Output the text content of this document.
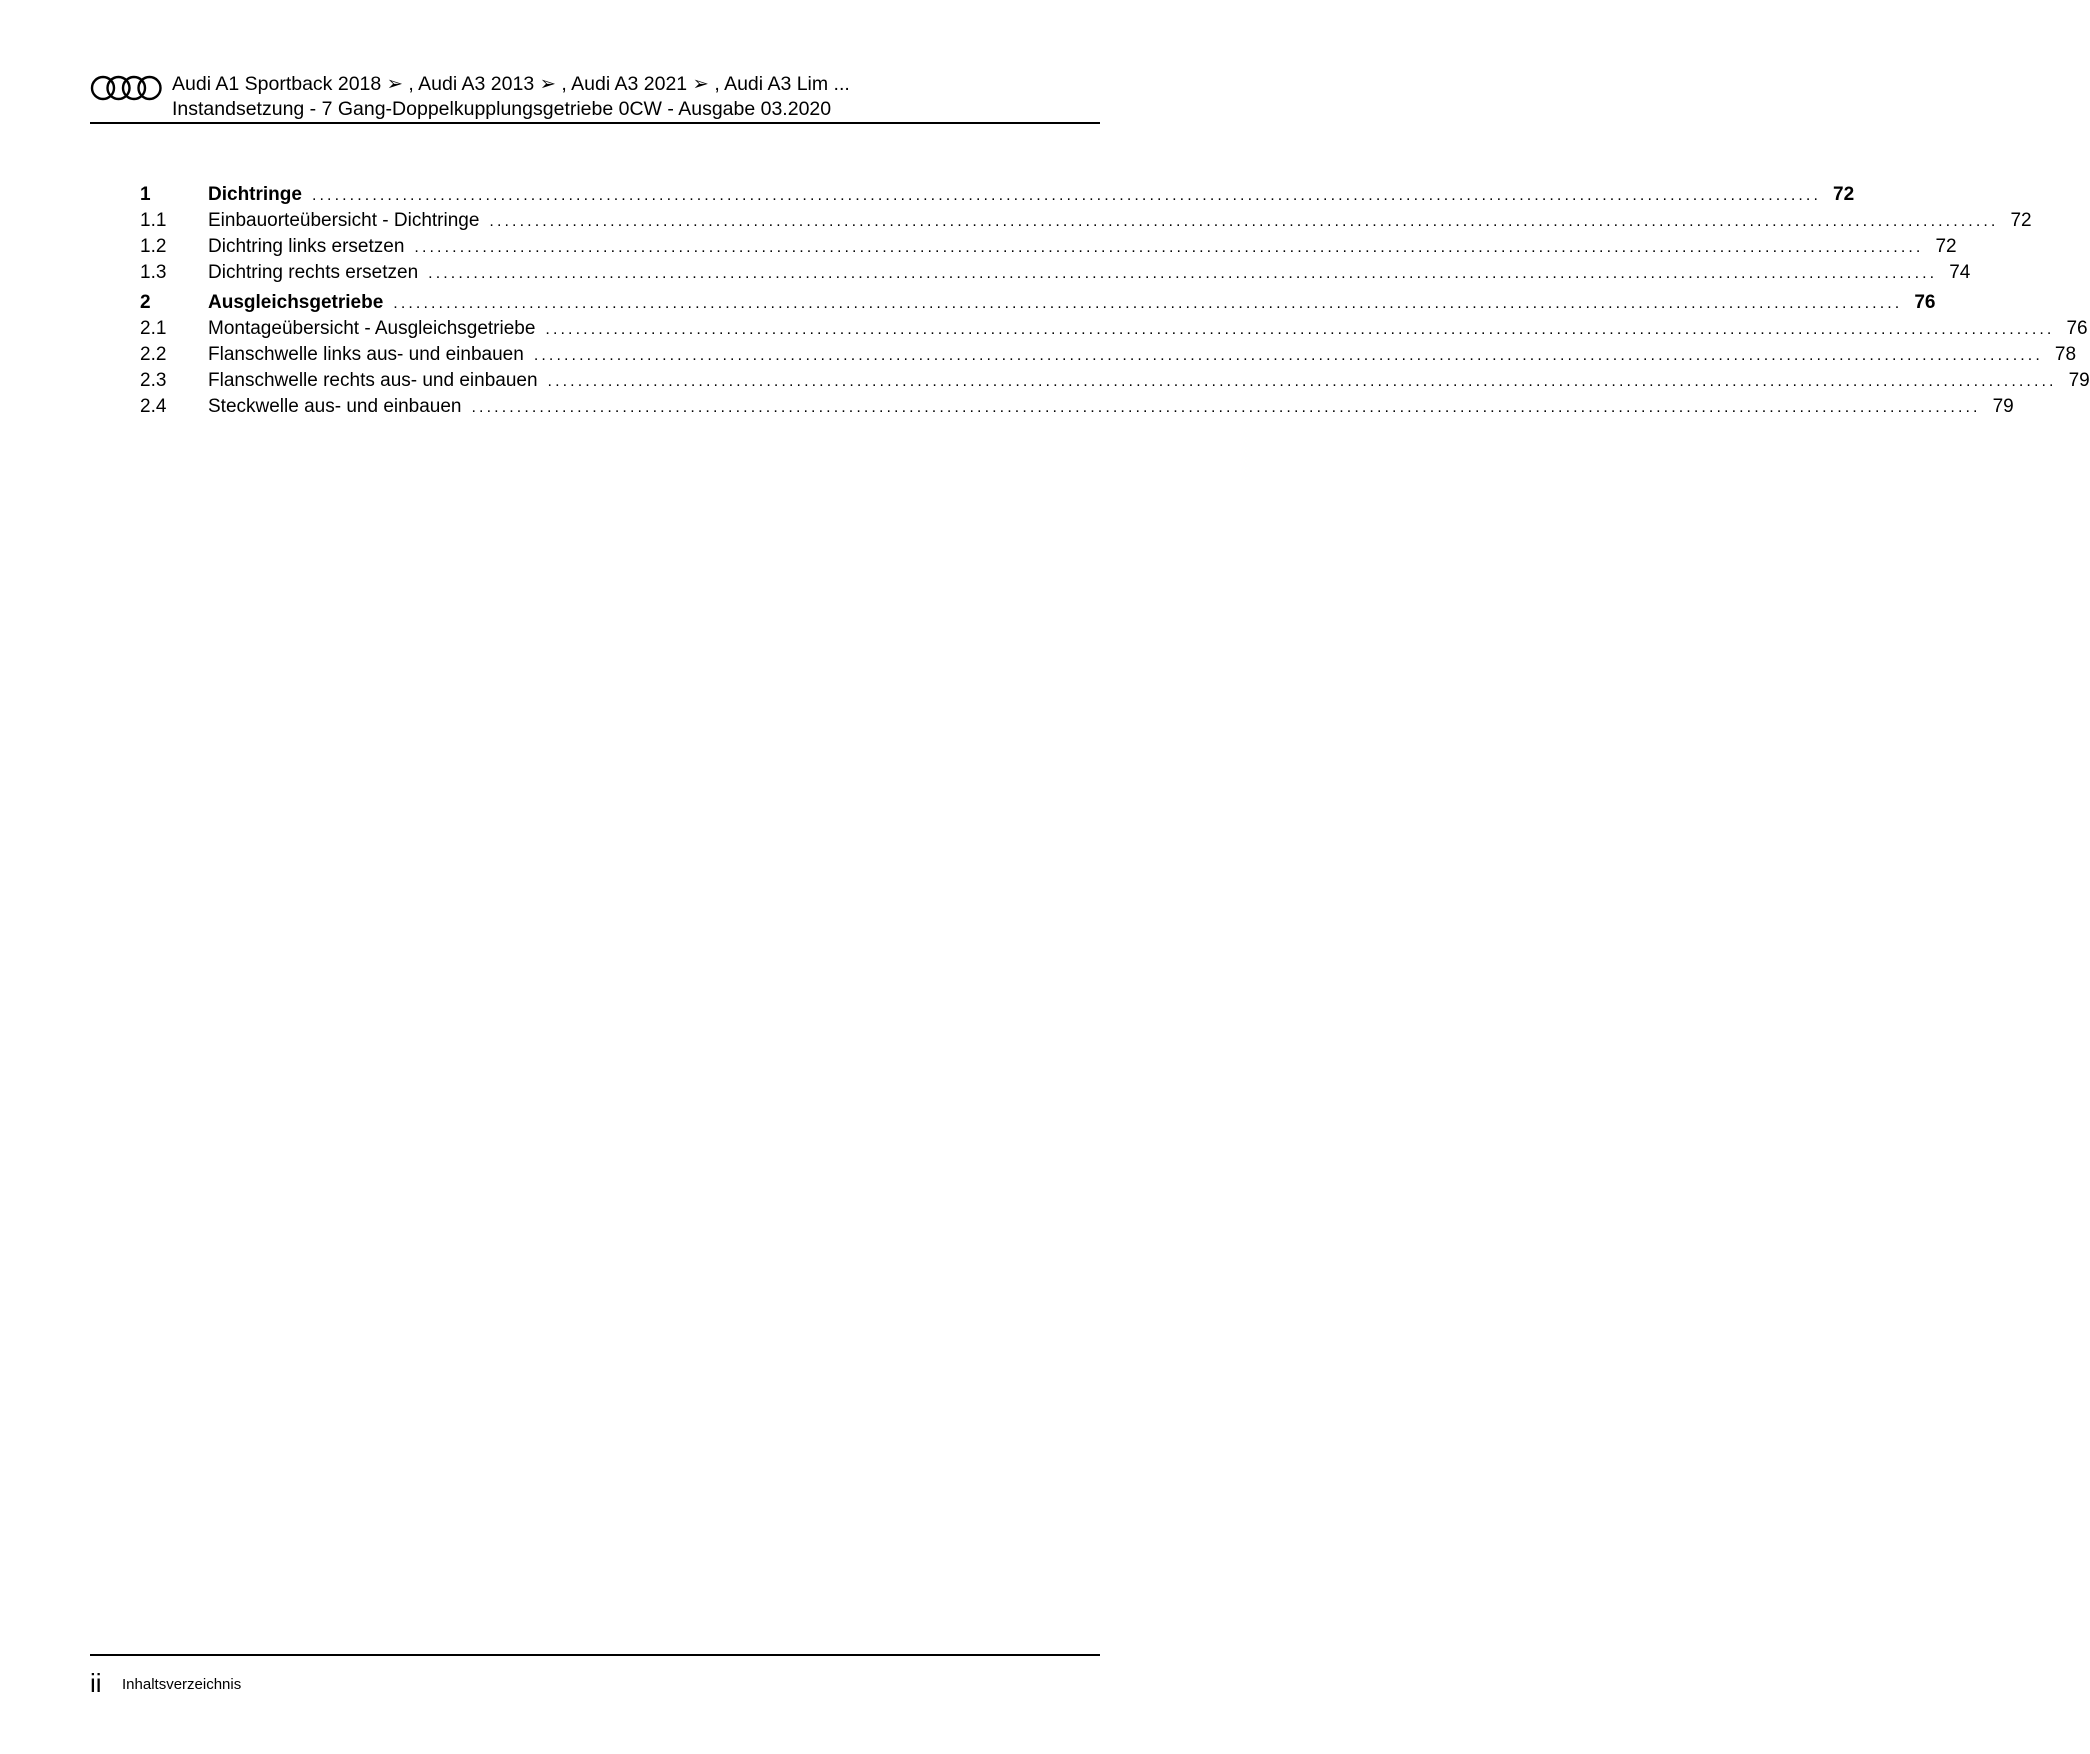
Audi A1 Sportback 2018 ➢ , Audi A3 2013 ➢ , Audi A3 2021 ➢ , Audi A3 Lim ...
Instandsetzung - 7 Gang-Doppelkupplungsgetriebe 0CW - Ausgabe 03.2020
1	Dichtringe ........................................................................................................................................................................................................ 72
1.1	Einbauorteübersicht - Dichtringe ........................................................................................................................................................................................................ 72
1.2	Dichtring links ersetzen ........................................................................................................................................................................................................ 72
1.3	Dichtring rechts ersetzen ........................................................................................................................................................................................................ 74
2	Ausgleichsgetriebe ........................................................................................................................................................................................................ 76
2.1	Montageübersicht - Ausgleichsgetriebe ........................................................................................................................................................................................................ 76
2.2	Flanschwelle links aus- und einbauen ........................................................................................................................................................................................................ 78
2.3	Flanschwelle rechts aus- und einbauen ........................................................................................................................................................................................................ 79
2.4	Steckwelle aus- und einbauen ........................................................................................................................................................................................................ 79
ii Inhaltsverzeichnis
